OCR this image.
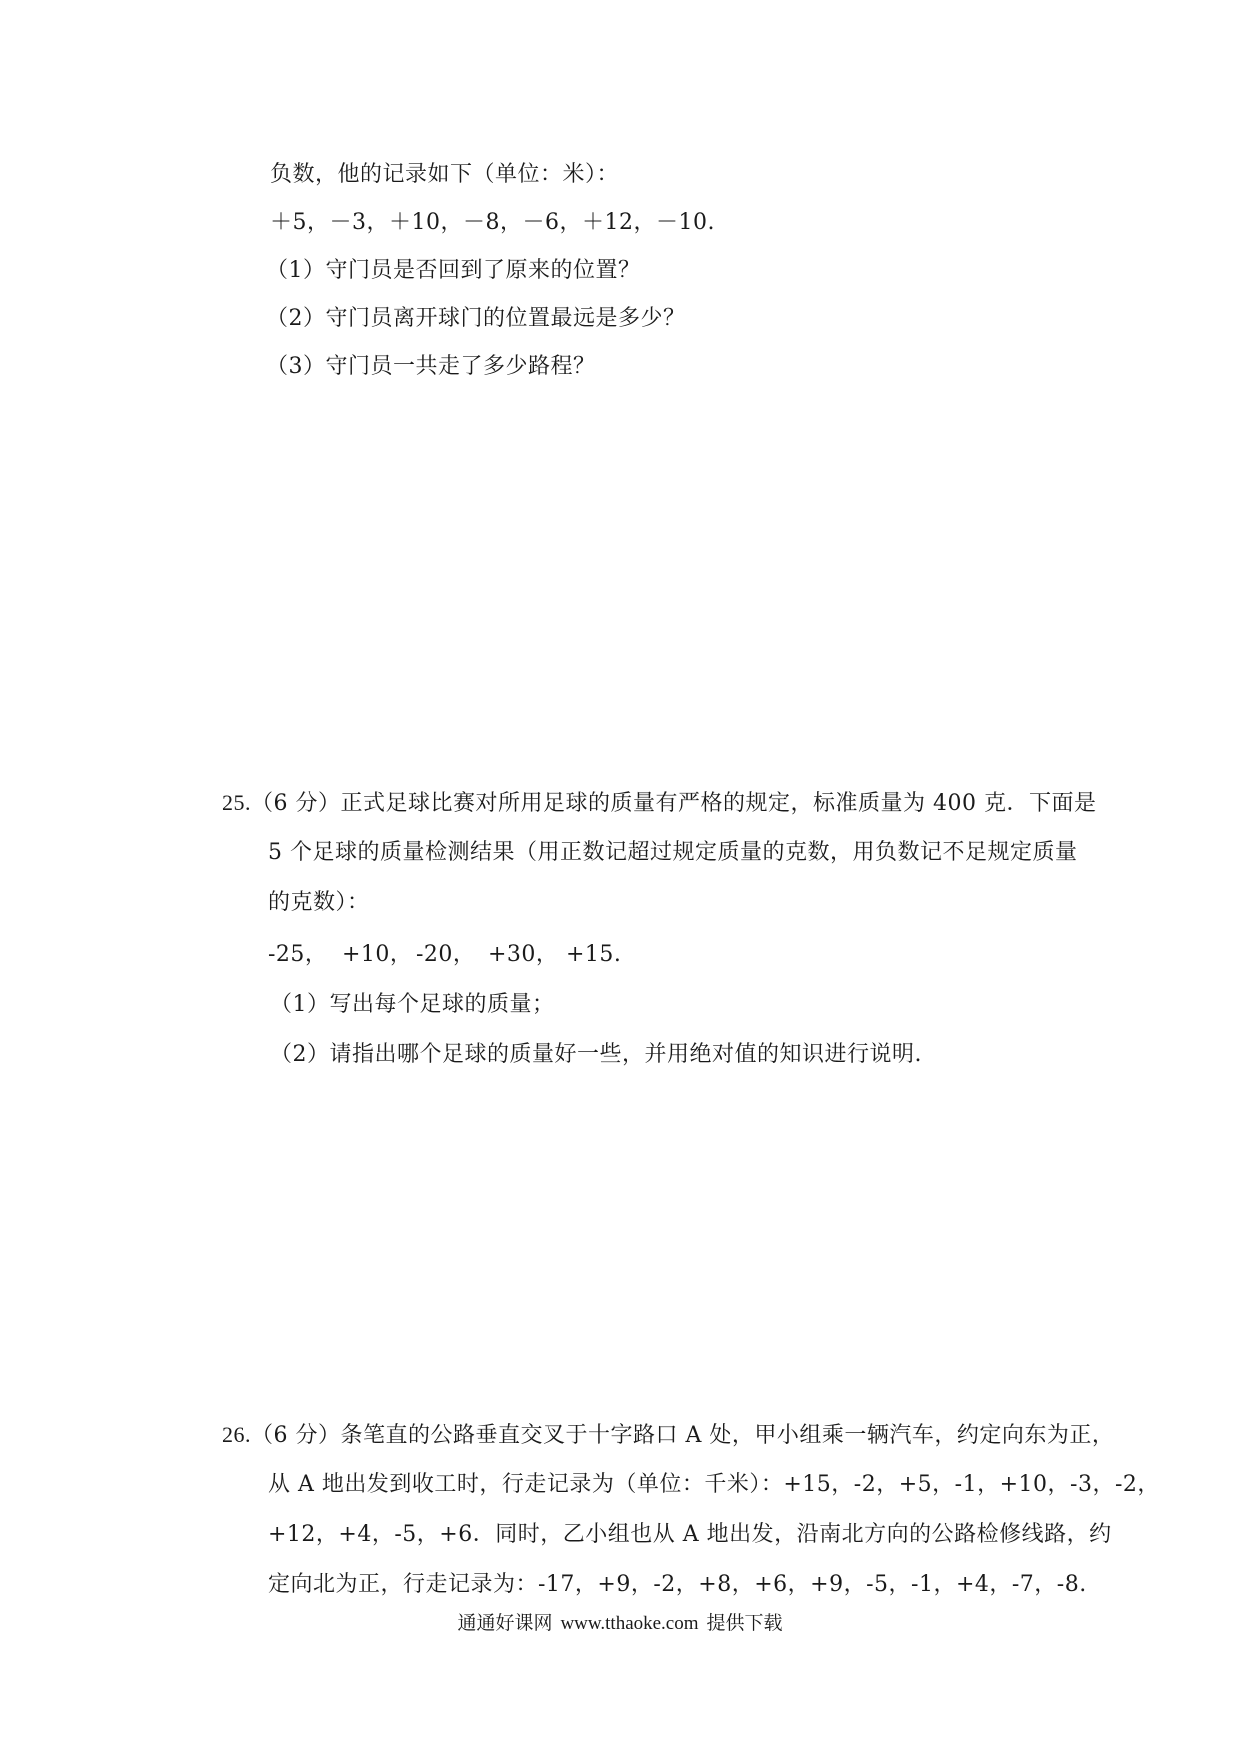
负数，他的记录如下（单位：米）：
＋5，－3，＋10，－8，－6，＋12，－10.
（1）守门员是否回到了原来的位置？
（2）守门员离开球门的位置最远是多少？
（3）守门员一共走了多少路程？
25.（6 分）正式足球比赛对所用足球的质量有严格的规定，标准质量为 400 克．下面是
5 个足球的质量检测结果（用正数记超过规定质量的克数，用负数记不足规定质量
的克数）：
-25， +10， -20， +30， +15.
（1）写出每个足球的质量；
（2）请指出哪个足球的质量好一些，并用绝对值的知识进行说明.
26.（6 分）条笔直的公路垂直交叉于十字路口 A 处，甲小组乘一辆汽车，约定向东为正，
从 A 地出发到收工时，行走记录为（单位：千米）：+15，-2，+5，-1，+10，-3，-2，
+12，+4，-5，+6．同时，乙小组也从 A 地出发，沿南北方向的公路检修线路，约
定向北为正，行走记录为：-17，+9，-2，+8，+6，+9，-5，-1，+4，-7，-8.
通通好课网 www.tthaoke.com 提供下载
